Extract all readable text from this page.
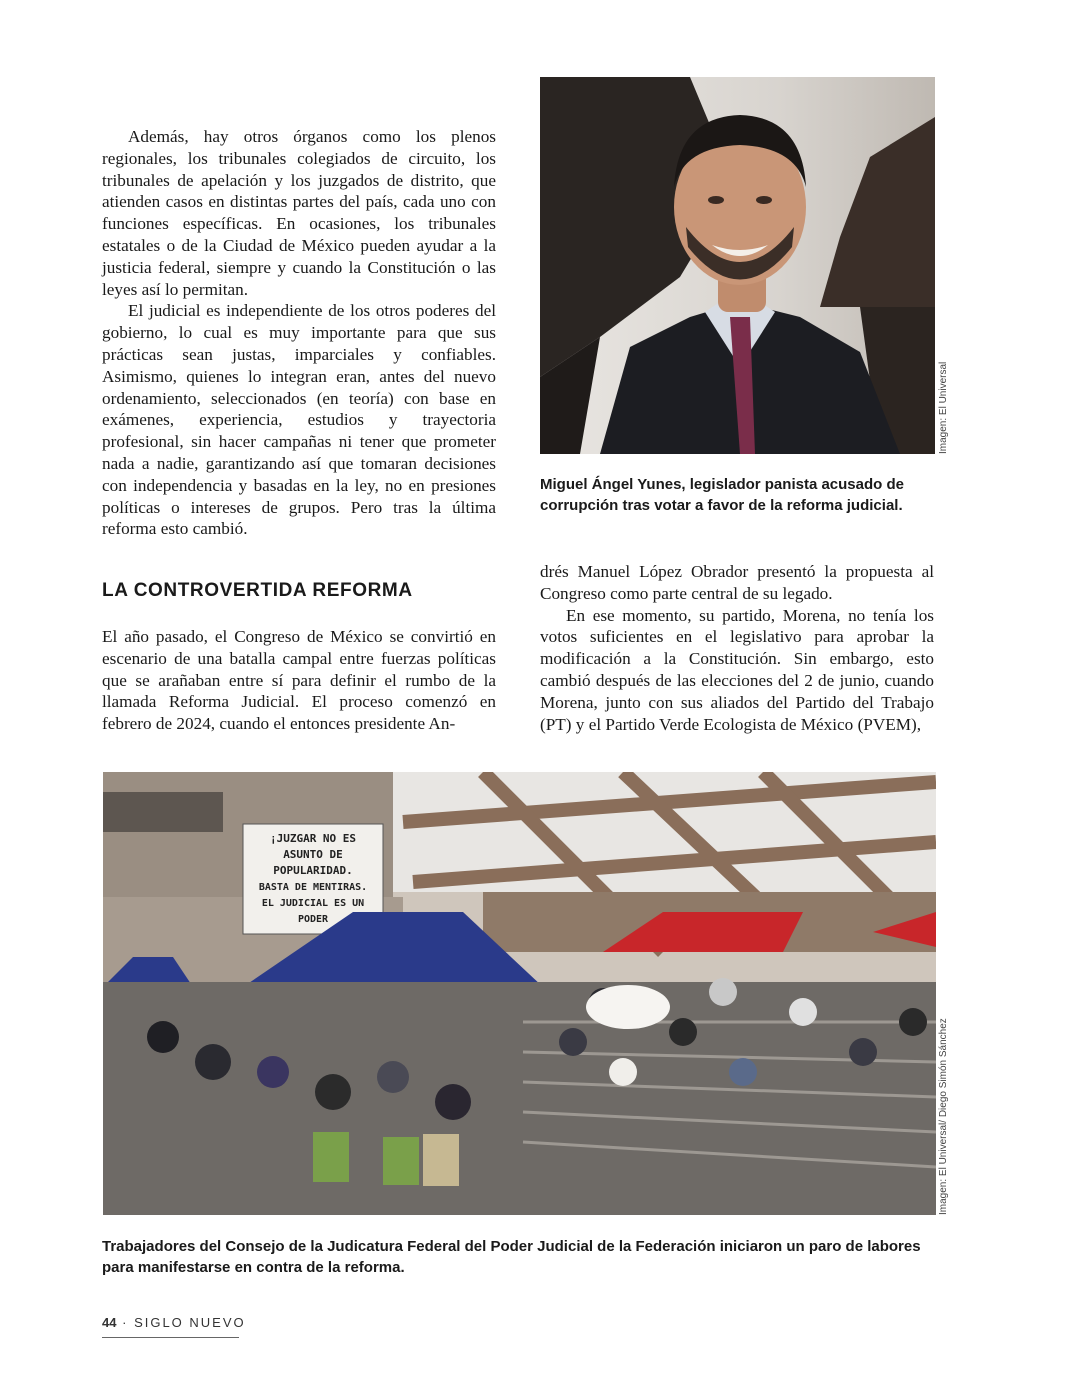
Además, hay otros órganos como los plenos regionales, los tribunales colegiados de circuito, los tribunales de apelación y los juzgados de distrito, que atienden casos en distintas partes del país, cada uno con funciones específicas. En ocasiones, los tribunales estatales o de la Ciudad de México pueden ayudar a la justicia federal, siempre y cuando la Constitución o las leyes así lo permitan.

El judicial es independiente de los otros poderes del gobierno, lo cual es muy importante para que sus prácticas sean justas, imparciales y confiables. Asimismo, quienes lo integran eran, antes del nuevo ordenamiento, seleccionados (en teoría) con base en exámenes, experiencia, estudios y trayectoria profesional, sin hacer campañas ni tener que prometer nada a nadie, garantizando así que tomaran decisiones con independencia y basadas en la ley, no en presiones políticas o intereses de grupos. Pero tras la última reforma esto cambió.

LA CONTROVERTIDA REFORMA

El año pasado, el Congreso de México se convirtió en escenario de una batalla campal entre fuerzas políticas que se arañaban entre sí para definir el rumbo de la llamada Reforma Judicial. El proceso comenzó en febrero de 2024, cuando el entonces presidente An-

drés Manuel López Obrador presentó la propuesta al Congreso como parte central de su legado.

En ese momento, su partido, Morena, no tenía los votos suficientes en el legislativo para aprobar la modificación a la Constitución. Sin embargo, esto cambió después de las elecciones del 2 de junio, cuando Morena, junto con sus aliados del Partido del Trabajo (PT) y el Partido Verde Ecologista de México (PVEM),

Imagen: El Universal

Miguel Ángel Yunes, legislador panista acusado de corrupción tras votar a favor de la reforma judicial.

¡JUZGAR NO ES
ASUNTO DE
POPULARIDAD.
BASTA DE MENTIRAS.
EL JUDICIAL ES UN
PODER
Imagen: El Universal/ Diego Simón Sánchez

Trabajadores del Consejo de la Judicatura Federal del Poder Judicial de la Federación iniciaron un paro de labores para manifestarse en contra de la reforma.

44 · SIGLO NUEVO
